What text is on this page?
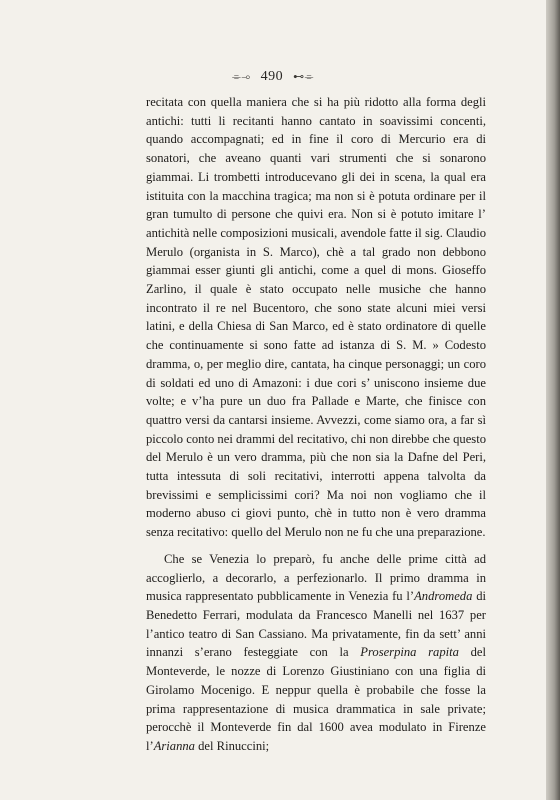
⌯⊸ 490 ⊷⌯

recitata con quella maniera che si ha più ridotto alla forma degli antichi: tutti li recitanti hanno cantato in soavissimi concenti, quando accompagnati; ed in fine il coro di Mercurio era di sonatori, che aveano quanti vari strumenti che si sonarono giammai. Li trombetti introducevano gli dei in scena, la qual era istituita con la macchina tragica; ma non si è potuta ordinare per il gran tumulto di persone che quivi era. Non si è potuto imitare l’ antichità nelle composizioni musicali, avendole fatte il sig. Claudio Merulo (organista in S. Marco), chè a tal grado non debbono giammai esser giunti gli antichi, come a quel di mons. Gioseffo Zarlino, il quale è stato occupato nelle musiche che hanno incontrato il re nel Bucentoro, che sono state alcuni miei versi latini, e della Chiesa di San Marco, ed è stato ordinatore di quelle che continuamente si sono fatte ad istanza di S. M. » Codesto dramma, o, per meglio dire, cantata, ha cinque personaggi; un coro di soldati ed uno di Amazoni: i due cori s’ uniscono insieme due volte; e v’ha pure un duo fra Pallade e Marte, che finisce con quattro versi da cantarsi insieme. Avvezzi, come siamo ora, a far sì piccolo conto nei drammi del recitativo, chi non direbbe che questo del Merulo è un vero dramma, più che non sia la Dafne del Peri, tutta intessuta di soli recitativi, interrotti appena talvolta da brevissimi e semplicissimi cori? Ma noi non vogliamo che il moderno abuso ci giovi punto, chè in tutto non è vero dramma senza recitativo: quello del Merulo non ne fu che una preparazione.

Che se Venezia lo preparò, fu anche delle prime città ad accoglierlo, a decorarlo, a perfezionarlo. Il primo dramma in musica rappresentato pubblicamente in Venezia fu l’Andromeda di Benedetto Ferrari, modulata da Francesco Manelli nel 1637 per l’antico teatro di San Cassiano. Ma privatamente, fin da sett’ anni innanzi s’erano festeggiate con la Proserpina rapita del Monteverde, le nozze di Lorenzo Giustiniano con una figlia di Girolamo Mocenigo. E neppur quella è probabile che fosse la prima rappresentazione di musica drammatica in sale private; perocchè il Monteverde fin dal 1600 avea modulato in Firenze l’Arianna del Rinuccini;
